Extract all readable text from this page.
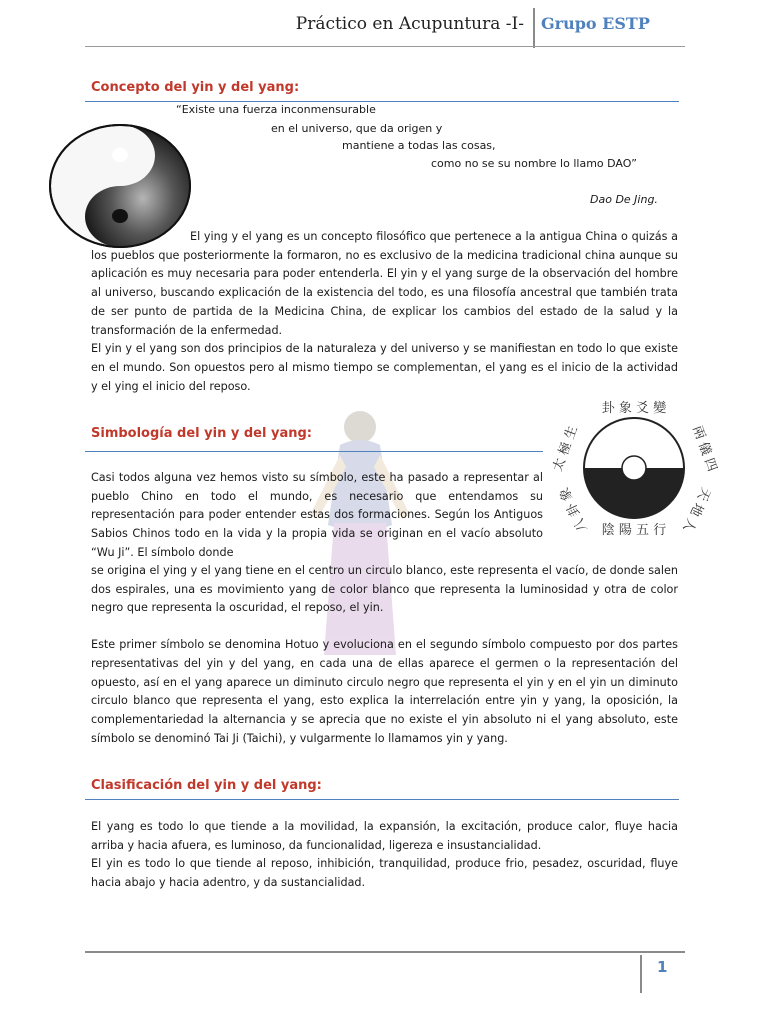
Práctico en Acupuntura -I- Grupo ESTP
Concepto del yin y del yang:
“Existe una fuerza inconmensurable
en el universo, que da origen y
mantiene a todas las cosas,
como no se su nombre lo llamo DAO”
Dao De Jing.

El ying y el yang es un concepto filosófico que pertenece a la antigua China o quizás a los pueblos que posteriormente la formaron, no es exclusivo de la medicina tradicional china aunque su aplicación es muy necesaria para poder entenderla. El yin y el yang surge de la observación del hombre al universo, buscando explicación de la existencia del todo, es una filosofía ancestral que también trata de ser punto de partida de la Medicina China, de explicar los cambios del estado de la salud y la transformación de la enfermedad.

El yin y el yang son dos principios de la naturaleza y del universo y se manifiestan en todo lo que existe en el mundo. Son opuestos pero al mismo tiempo se complementan, el yang es el inicio de la actividad y el ying el inicio del reposo.

Simbología del yin y del yang:
卦 象 爻 變
陰 陽 五 行
太 極 生	兩 儀 四
八 卦 象	天 地 人

Casi todos alguna vez hemos visto su símbolo, este ha pasado a representar al pueblo Chino en todo el mundo, es necesario que entendamos su representación para poder entender estas dos formaciones. Según los Antiguos Sabios Chinos todo en la vida y la propia vida se originan en el vacío absoluto “Wu Ji”. El símbolo donde

se origina el ying y el yang tiene en el centro un circulo blanco, este representa el vacío, de donde salen dos espirales, una es movimiento yang de color blanco que representa la luminosidad y otra de color negro que representa la oscuridad, el reposo, el yin.

Este primer símbolo se denomina Hotuo y evoluciona en el segundo símbolo compuesto por dos partes representativas del yin y del yang, en cada una de ellas aparece el germen o la representación del opuesto, así en el yang aparece un diminuto circulo negro que representa el yin y en el yin un diminuto circulo blanco que representa el yang, esto explica la interrelación entre yin y yang, la oposición, la complementariedad la alternancia y se aprecia que no existe el yin absoluto ni el yang absoluto, este símbolo se denominó Tai Ji (Taichi), y vulgarmente lo llamamos yin y yang.

Clasificación del yin y del yang:

El yang es todo lo que tiende a la movilidad, la expansión, la excitación, produce calor, fluye hacia arriba y hacia afuera, es luminoso, da funcionalidad, ligereza e insustancialidad.

El yin es todo lo que tiende al reposo, inhibición, tranquilidad, produce frio, pesadez, oscuridad, fluye hacia abajo y hacia adentro, y da sustancialidad.

1
